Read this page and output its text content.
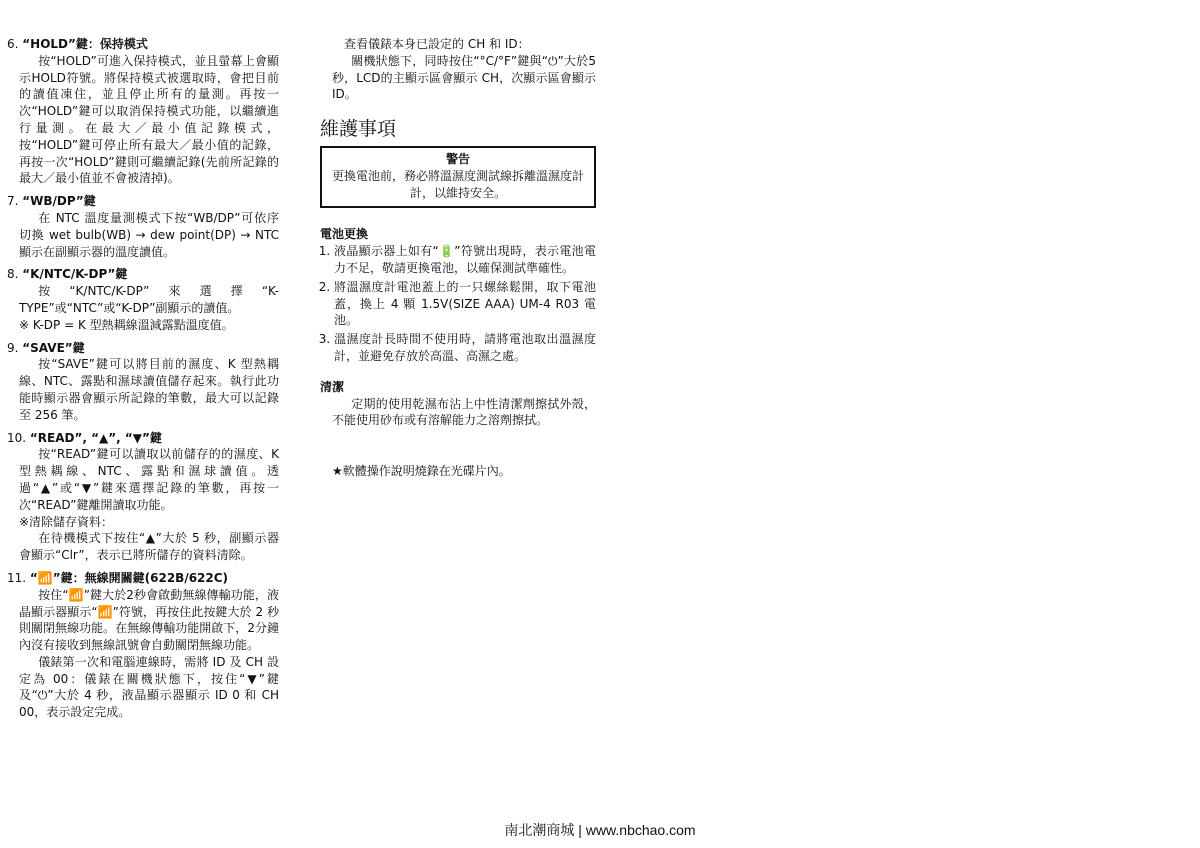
6. “HOLD”鍵：保持模式
按“HOLD”可進入保持模式，並且螢幕上會顯示HOLD符號。將保持模式被選取時，會把目前的讀值凍住，並且停止所有的量測。再按一次“HOLD”鍵可以取消保持模式功能，以繼續進行量測。在最大／最小值記錄模式，按“HOLD”鍵可停止所有最大／最小值的記錄，再按一次“HOLD”鍵則可繼續記錄(先前所記錄的最大／最小值並不會被清掉)。
7. “WB/DP”鍵
在 NTC 溫度量測模式下按“WB/DP”可依序切換 wet bulb(WB) → dew point(DP) → NTC 顯示在副顯示器的溫度讀值。
8. “K/NTC/K-DP”鍵
按“K/NTC/K-DP”來選擇“K-TYPE”或“NTC”或“K-DP”副顯示的讀值。
※ K-DP = K 型熱耦線溫減露點溫度值。
9. “SAVE”鍵
按“SAVE”鍵可以將目前的濕度、K 型熱耦線、NTC、露點和濕球讀值儲存起來。執行此功能時顯示器會顯示所記錄的筆數，最大可以記錄至 256 筆。
10. “READ”, “▲”, “▼”鍵
按“READ”鍵可以讀取以前儲存的的濕度、K 型熱耦線、NTC、露點和濕球讀值。透過“▲”或“▼”鍵來選擇記錄的筆數，再按一次“READ”鍵離開讀取功能。
※清除儲存資料：
在待機模式下按住“▲”大於 5 秒，副顯示器會顯示“Clr”，表示已將所儲存的資料清除。
11. “📶”鍵：無線開關鍵(622B/622C)
按住“📶”鍵大於2秒會啟動無線傳輸功能，液晶顯示器顯示“📶”符號，再按住此按鍵大於 2 秒則關閉無線功能。在無線傳輸功能開啟下，2分鐘內沒有接收到無線訊號會自動關閉無線功能。
儀錶第一次和電腦連線時，需將 ID 及 CH 設定為 00：儀錶在關機狀態下，按住“▼”鍵及“⏻”大於 4 秒，液晶顯示器顯示 ID 0 和 CH 00，表示設定完成。
查看儀錶本身已設定的 CH 和 ID：
關機狀態下，同時按住“°C/°F”鍵與“⏻”大於5秒，LCD的主顯示區會顯示 CH，次顯示區會顯示 ID。
維護事項
警告
更換電池前，務必將溫濕度測試線拆離溫濕度計計，以維持安全。
電池更換
1. 液晶顯示器上如有“🔋”符號出現時，表示電池電力不足，敬請更換電池，以確保測試準確性。
2. 將溫濕度計電池蓋上的一只螺絲鬆開，取下電池蓋，換上 4 顆 1.5V(SIZE AAA) UM-4 R03 電池。
3. 溫濕度計長時間不使用時，請將電池取出溫濕度計，並避免存放於高溫、高濕之處。
清潔
定期的使用乾濕布沾上中性清潔劑擦拭外殼，不能使用砂布或有溶解能力之溶劑擦拭。
★軟體操作說明燒錄在光碟片內。
南北潮商城 | www.nbchao.com
